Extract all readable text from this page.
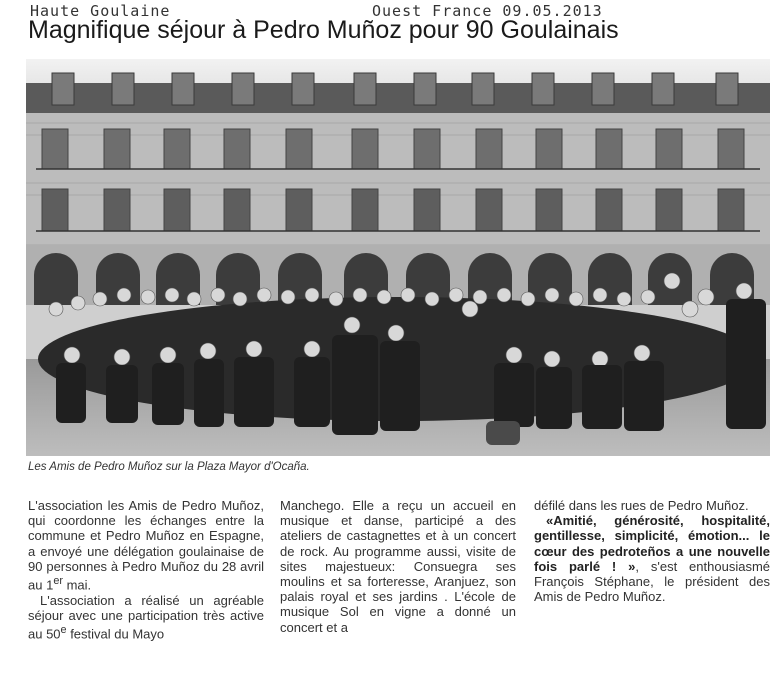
Haute Goulaine	Ouest France 09.05.2013
Magnifique séjour à Pedro Muñoz pour 90 Goulainais
Les Amis de Pedro Muñoz sur la Plaza Mayor d'Ocaña.

L'association les Amis de Pedro Muñoz, qui coordonne les échanges entre la commune et Pedro Muñoz en Espagne, a envoyé une délégation goulainaise de 90 personnes à Pedro Muñoz du 28 avril au 1er mai.

L'association a réalisé un agréable séjour avec une participation très active au 50e festival du Mayo

Manchego. Elle a reçu un accueil en musique et danse, participé a des ateliers de castagnettes et à un concert de rock. Au programme aussi, visite de sites majestueux: Consuegra ses moulins et sa forteresse, Aranjuez, son palais royal et ses jardins . L'école de musique Sol en vigne a donné un concert et a

défilé dans les rues de Pedro Muñoz.

«Amitié, générosité, hospitalité, gentillesse, simplicité, émotion... le cœur des pedroteños a une nouvelle fois parlé ! », s'est enthousiasmé François Stéphane, le président des Amis de Pedro Muñoz.
